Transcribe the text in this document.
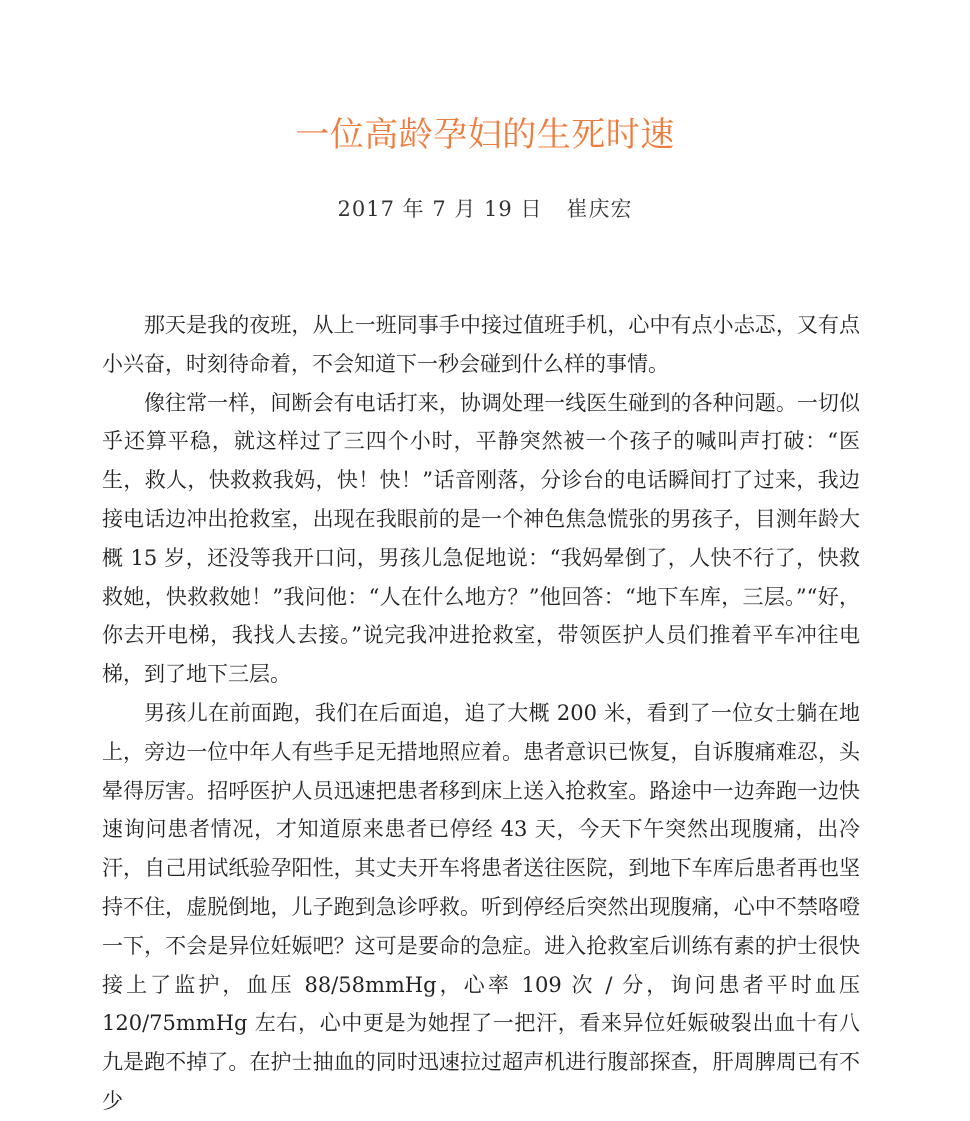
一位高龄孕妇的生死时速
2017 年 7 月 19 日 崔庆宏

那天是我的夜班，从上一班同事手中接过值班手机，心中有点小忐忑，又有点小兴奋，时刻待命着，不会知道下一秒会碰到什么样的事情。

像往常一样，间断会有电话打来，协调处理一线医生碰到的各种问题。一切似乎还算平稳，就这样过了三四个小时，平静突然被一个孩子的喊叫声打破：“医生，救人，快救救我妈，快！快！”话音刚落，分诊台的电话瞬间打了过来，我边接电话边冲出抢救室，出现在我眼前的是一个神色焦急慌张的男孩子，目测年龄大概 15 岁，还没等我开口问，男孩儿急促地说：“我妈晕倒了，人快不行了，快救救她，快救救她！”我问他：“人在什么地方？”他回答：“地下车库，三层。”“好，你去开电梯，我找人去接。”说完我冲进抢救室，带领医护人员们推着平车冲往电梯，到了地下三层。

男孩儿在前面跑，我们在后面追，追了大概 200 米，看到了一位女士躺在地上，旁边一位中年人有些手足无措地照应着。患者意识已恢复，自诉腹痛难忍，头晕得厉害。招呼医护人员迅速把患者移到床上送入抢救室。路途中一边奔跑一边快速询问患者情况，才知道原来患者已停经 43 天，今天下午突然出现腹痛，出冷汗，自己用试纸验孕阳性，其丈夫开车将患者送往医院，到地下车库后患者再也坚持不住，虚脱倒地，儿子跑到急诊呼救。听到停经后突然出现腹痛，心中不禁咯噔一下，不会是异位妊娠吧？这可是要命的急症。进入抢救室后训练有素的护士很快接上了监护，血压 88/58mmHg，心率 109 次 / 分，询问患者平时血压 120/75mmHg 左右，心中更是为她捏了一把汗，看来异位妊娠破裂出血十有八九是跑不掉了。在护士抽血的同时迅速拉过超声机进行腹部探查，肝周脾周已有不少
